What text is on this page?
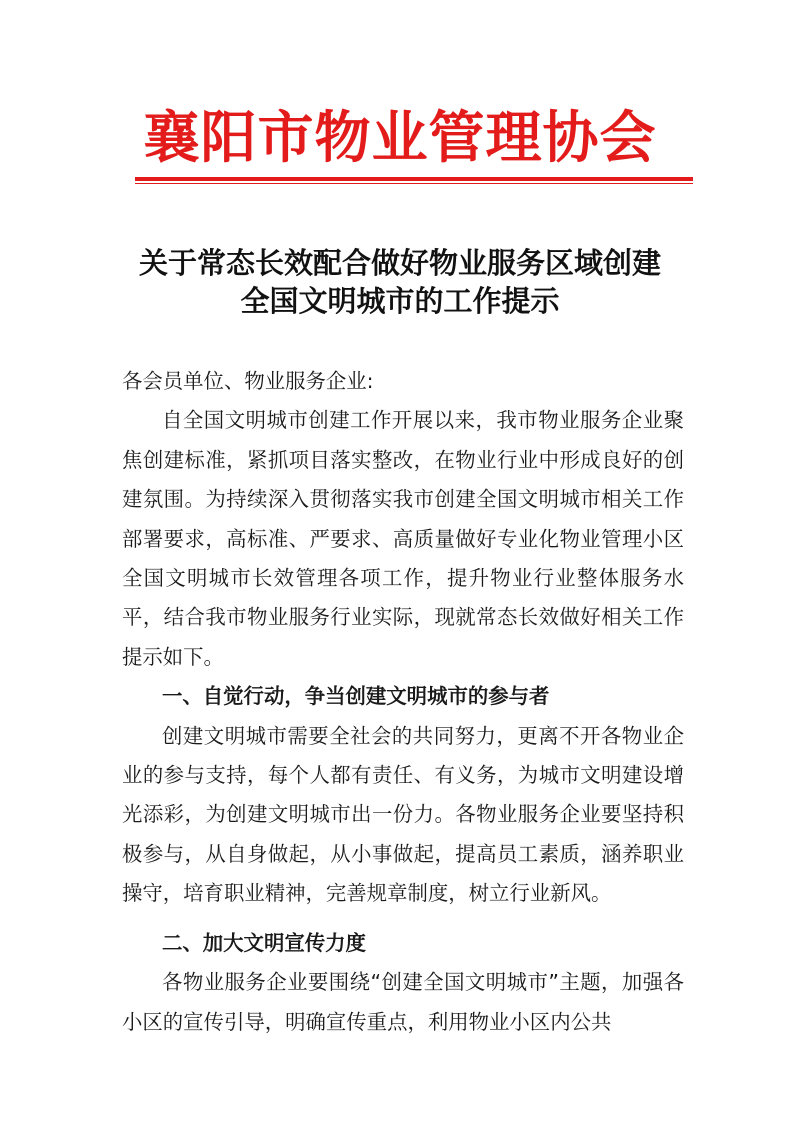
襄阳市物业管理协会
关于常态长效配合做好物业服务区域创建
全国文明城市的工作提示

各会员单位、物业服务企业:

自全国文明城市创建工作开展以来，我市物业服务企业聚焦创建标准，紧抓项目落实整改，在物业行业中形成良好的创建氛围。为持续深入贯彻落实我市创建全国文明城市相关工作部署要求，高标准、严要求、高质量做好专业化物业管理小区全国文明城市长效管理各项工作，提升物业行业整体服务水平，结合我市物业服务行业实际，现就常态长效做好相关工作提示如下。

一、自觉行动，争当创建文明城市的参与者

创建文明城市需要全社会的共同努力，更离不开各物业企业的参与支持，每个人都有责任、有义务，为城市文明建设增光添彩，为创建文明城市出一份力。各物业服务企业要坚持积极参与，从自身做起，从小事做起，提高员工素质，涵养职业操守，培育职业精神，完善规章制度，树立行业新风。

二、加大文明宣传力度

各物业服务企业要围绕“创建全国文明城市”主题，加强各小区的宣传引导，明确宣传重点，利用物业小区内公共
